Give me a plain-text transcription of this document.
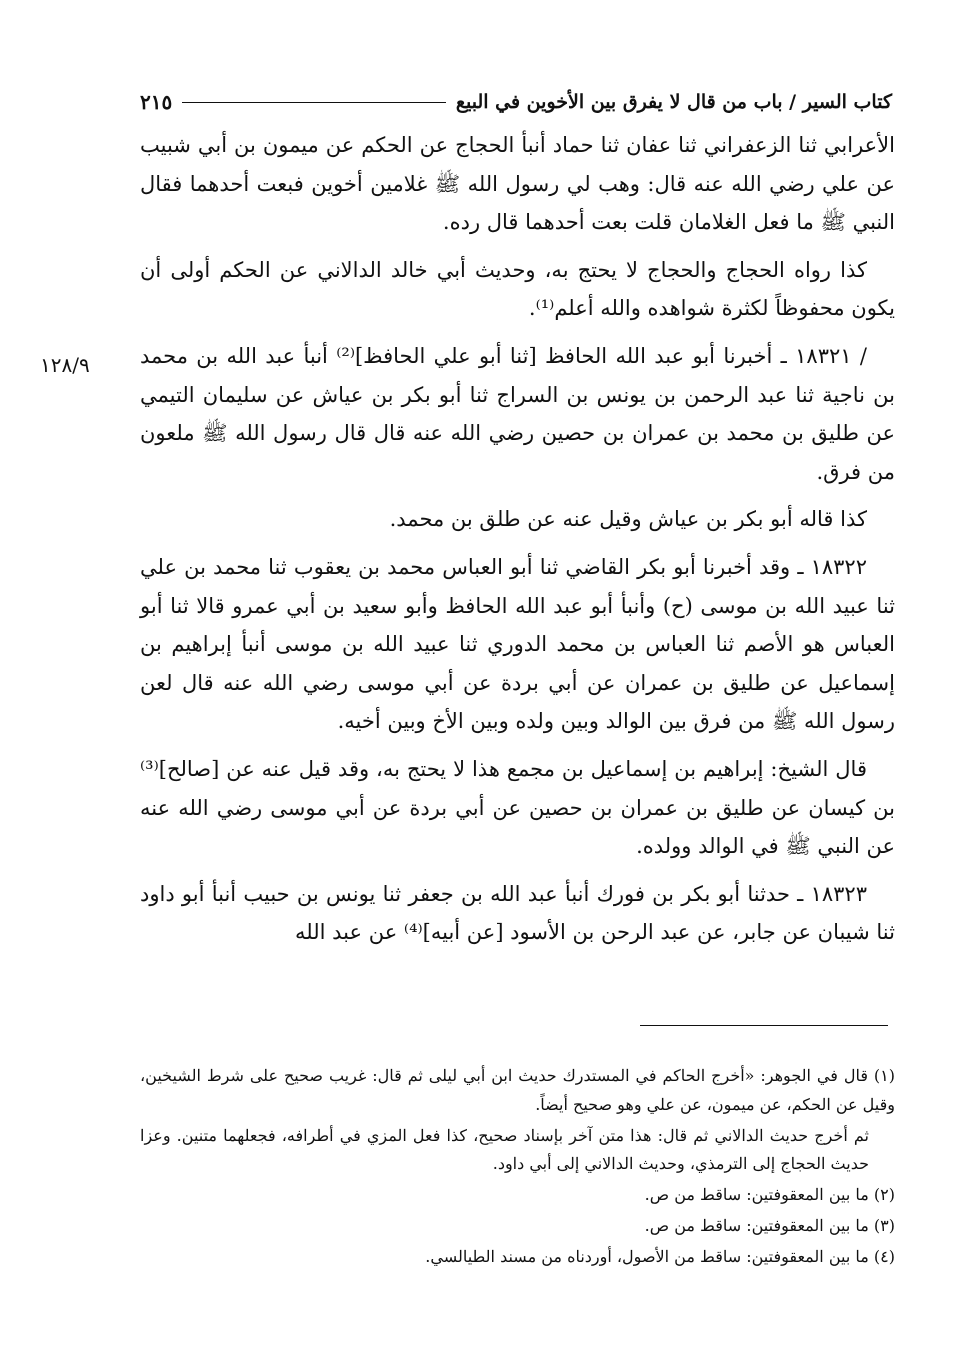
كتاب السير / باب من قال لا يفرق بين الأخوين في البيع
٢١٥
١٢٨/٩

الأعرابي ثنا الزعفراني ثنا عفان ثنا حماد أنبأ الحجاج عن الحكم عن ميمون بن أبي شبيب عن علي رضي الله عنه قال: وهب لي رسول الله ﷺ غلامين أخوين فبعت أحدهما فقال النبي ﷺ ما فعل الغلامان قلت بعت أحدهما قال رده.

كذا رواه الحجاج والحجاج لا يحتج به، وحديث أبي خالد الدالاني عن الحكم أولى أن يكون محفوظاً لكثرة شواهده والله أعلم⁽¹⁾.

/ ١٨٣٢١ ـ أخبرنا أبو عبد الله الحافظ [ثنا أبو علي الحافظ]⁽²⁾ أنبأ عبد الله بن محمد بن ناجية ثنا عبد الرحمن بن يونس بن السراج ثنا أبو بكر بن عياش عن سليمان التيمي عن طليق بن محمد بن عمران بن حصين رضي الله عنه قال قال رسول الله ﷺ ملعون من فرق.

كذا قاله أبو بكر بن عياش وقيل عنه عن طلق بن محمد.

١٨٣٢٢ ـ وقد أخبرنا أبو بكر القاضي ثنا أبو العباس محمد بن يعقوب ثنا محمد بن علي ثنا عبيد الله بن موسى (ح) وأنبأ أبو عبد الله الحافظ وأبو سعيد بن أبي عمرو قالا ثنا أبو العباس هو الأصم ثنا العباس بن محمد الدوري ثنا عبيد الله بن موسى أنبأ إبراهيم بن إسماعيل عن طليق بن عمران عن أبي بردة عن أبي موسى رضي الله عنه قال لعن رسول الله ﷺ من فرق بين الوالد وبين ولده وبين الأخ وبين أخيه.

قال الشيخ: إبراهيم بن إسماعيل بن مجمع هذا لا يحتج به، وقد قيل عنه عن [صالح]⁽³⁾ بن كيسان عن طليق بن عمران بن حصين عن أبي بردة عن أبي موسى رضي الله عنه عن النبي ﷺ في الوالد وولده.

١٨٣٢٣ ـ حدثنا أبو بكر بن فورك أنبأ عبد الله بن جعفر ثنا يونس بن حبيب أنبأ أبو داود ثنا شيبان عن جابر، عن عبد الرحن بن الأسود [عن أبيه]⁽⁴⁾ عن عبد الله

(١) قال في الجوهر: «أخرج الحاكم في المستدرك حديث ابن أبي ليلى ثم قال: غريب صحيح على شرط الشيخين، وقيل عن الحكم، عن ميمون، عن علي وهو صحيح أيضاً.

ثم أخرج حديث الدالاني ثم قال: هذا متن آخر بإسناد صحيح، كذا فعل المزي في أطرافه، فجعلهما متنين. وعزا حديث الحجاج إلى الترمذي، وحديث الدالاني إلى أبي داود.

(٢) ما بين المعقوفتين: ساقط من ص.

(٣) ما بين المعقوفتين: ساقط من ص.

(٤) ما بين المعقوفتين: ساقط من الأصول، أوردناه من مسند الطيالسي.
